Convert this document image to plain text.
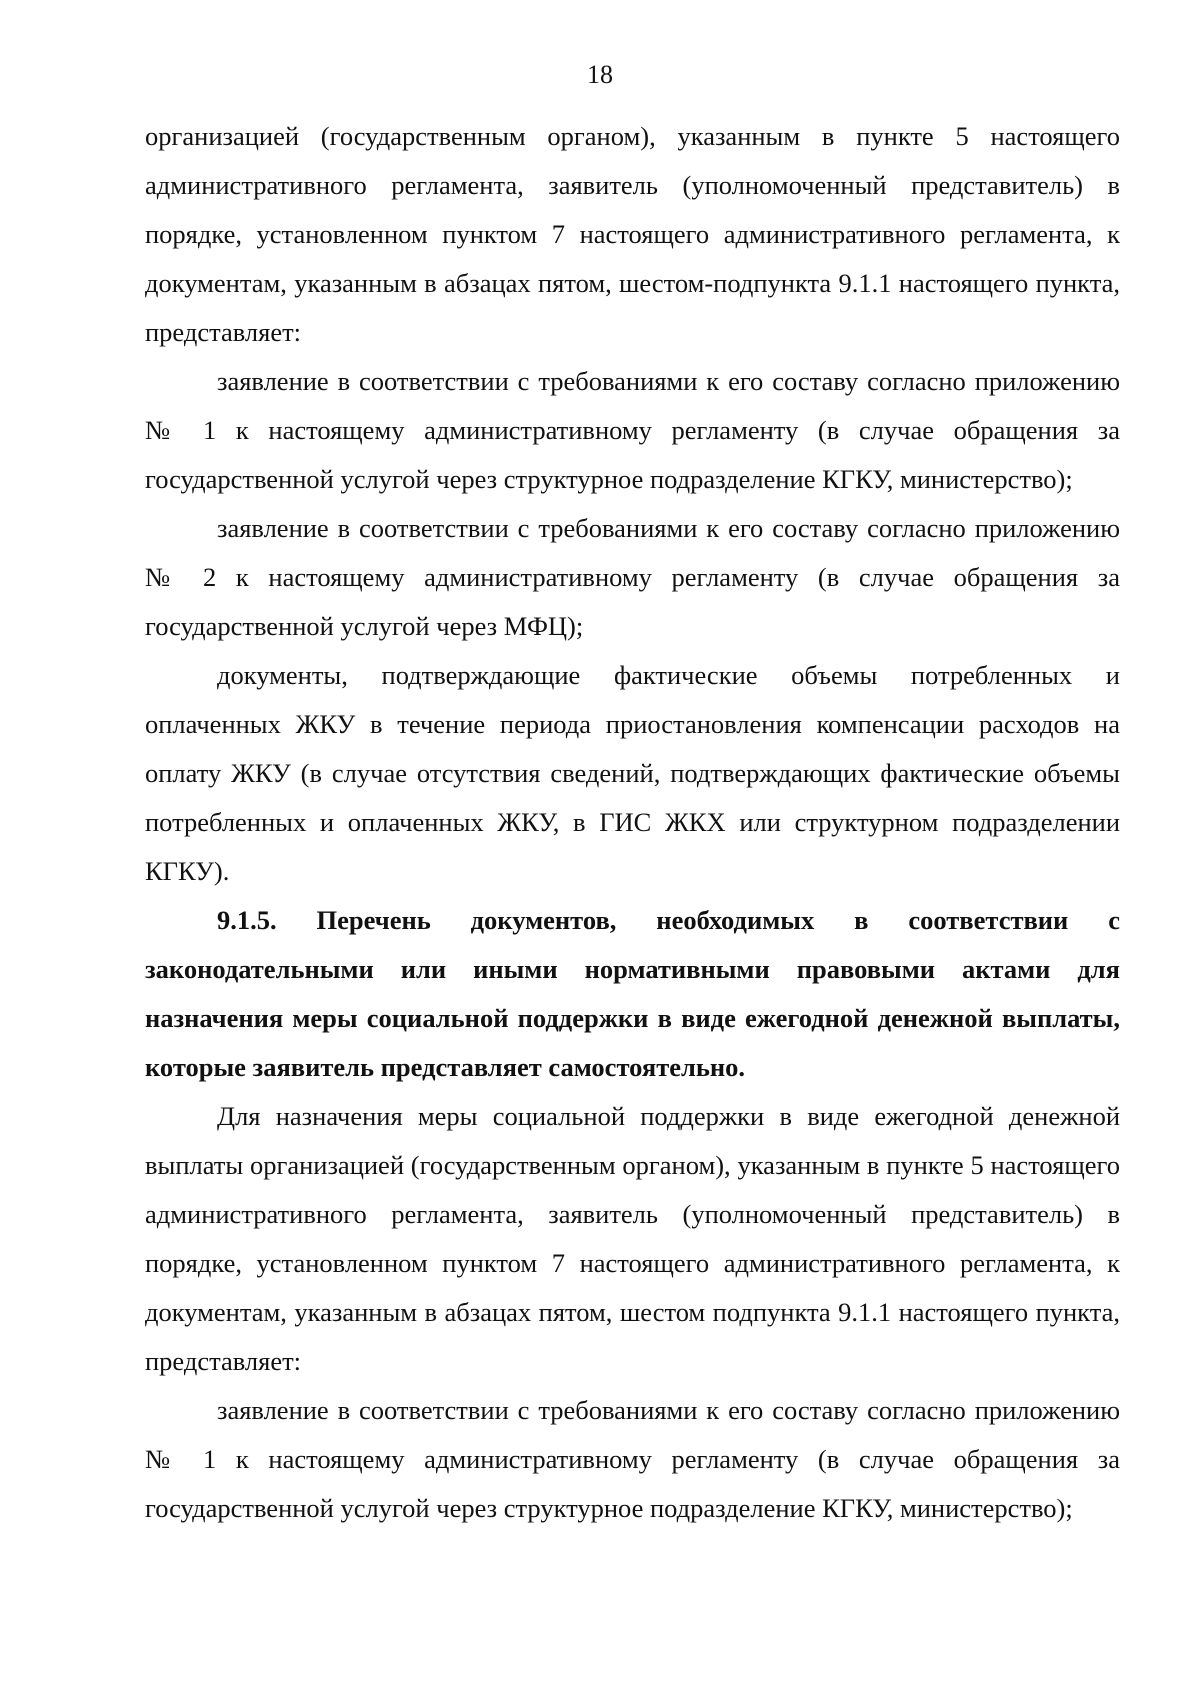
18

организацией (государственным органом), указанным в пункте 5 настоящего административного регламента, заявитель (уполномоченный представитель) в порядке, установленном пунктом 7 настоящего административного регламента, к документам, указанным в абзацах пятом, шестом-подпункта 9.1.1 настоящего пункта, представляет:

заявление в соответствии с требованиями к его составу согласно приложению № 1 к настоящему административному регламенту (в случае обращения за государственной услугой через структурное подразделение КГКУ, министерство);

заявление в соответствии с требованиями к его составу согласно приложению № 2 к настоящему административному регламенту (в случае обращения за государственной услугой через МФЦ);

документы, подтверждающие фактические объемы потребленных и оплаченных ЖКУ в течение периода приостановления компенсации расходов на оплату ЖКУ (в случае отсутствия сведений, подтверждающих фактические объемы потребленных и оплаченных ЖКУ, в ГИС ЖКХ или структурном подразделении КГКУ).

9.1.5. Перечень документов, необходимых в соответствии с законодательными или иными нормативными правовыми актами для назначения меры социальной поддержки в виде ежегодной денежной выплаты, которые заявитель представляет самостоятельно.

Для назначения меры социальной поддержки в виде ежегодной денежной выплаты организацией (государственным органом), указанным в пункте 5 настоящего административного регламента, заявитель (уполномоченный представитель) в порядке, установленном пунктом 7 настоящего административного регламента, к документам, указанным в абзацах пятом, шестом подпункта 9.1.1 настоящего пункта, представляет:

заявление в соответствии с требованиями к его составу согласно приложению № 1 к настоящему административному регламенту (в случае обращения за государственной услугой через структурное подразделение КГКУ, министерство);
